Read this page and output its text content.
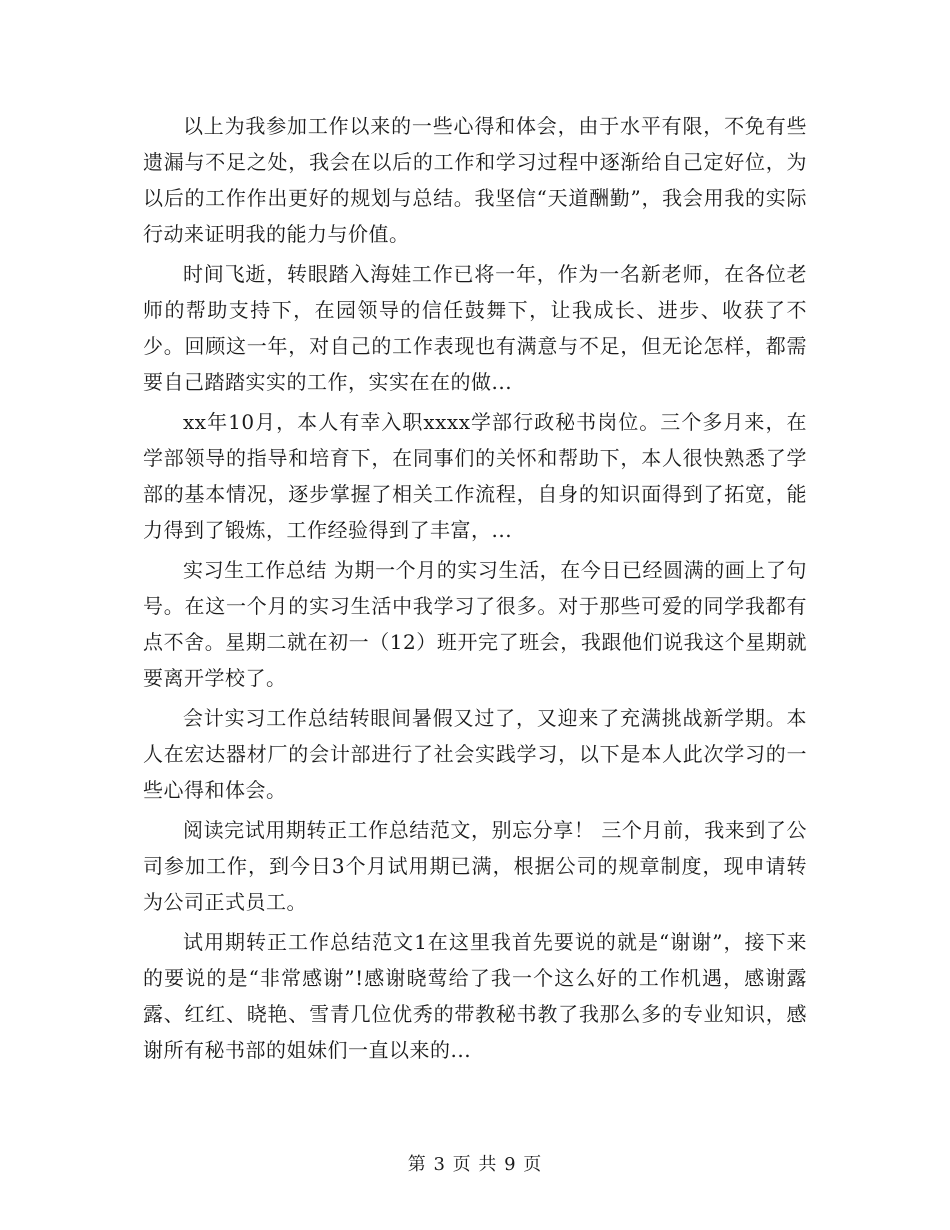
以上为我参加工作以来的一些心得和体会，由于水平有限，不免有些遗漏与不足之处，我会在以后的工作和学习过程中逐渐给自己定好位，为以后的工作作出更好的规划与总结。我坚信“天道酬勤”，我会用我的实际行动来证明我的能力与价值。

时间飞逝，转眼踏入海娃工作已将一年，作为一名新老师，在各位老师的帮助支持下，在园领导的信任鼓舞下，让我成长、进步、收获了不少。回顾这一年，对自己的工作表现也有满意与不足，但无论怎样，都需要自己踏踏实实的工作，实实在在的做...

xx年10月，本人有幸入职xxxx学部行政秘书岗位。三个多月来，在学部领导的指导和培育下，在同事们的关怀和帮助下，本人很快熟悉了学部的基本情况，逐步掌握了相关工作流程，自身的知识面得到了拓宽，能力得到了锻炼，工作经验得到了丰富，...

实习生工作总结 为期一个月的实习生活，在今日已经圆满的画上了句号。在这一个月的实习生活中我学习了很多。对于那些可爱的同学我都有点不舍。星期二就在初一（12）班开完了班会，我跟他们说我这个星期就要离开学校了。

会计实习工作总结转眼间暑假又过了，又迎来了充满挑战新学期。本人在宏达器材厂的会计部进行了社会实践学习，以下是本人此次学习的一些心得和体会。

阅读完试用期转正工作总结范文，别忘分享！ 三个月前，我来到了公司参加工作，到今日3个月试用期已满，根据公司的规章制度，现申请转为公司正式员工。

试用期转正工作总结范文1在这里我首先要说的就是“谢谢”，接下来的要说的是“非常感谢”!感谢晓莺给了我一个这么好的工作机遇，感谢露露、红红、晓艳、雪青几位优秀的带教秘书教了我那么多的专业知识，感谢所有秘书部的姐妹们一直以来的...

第 3 页 共 9 页
